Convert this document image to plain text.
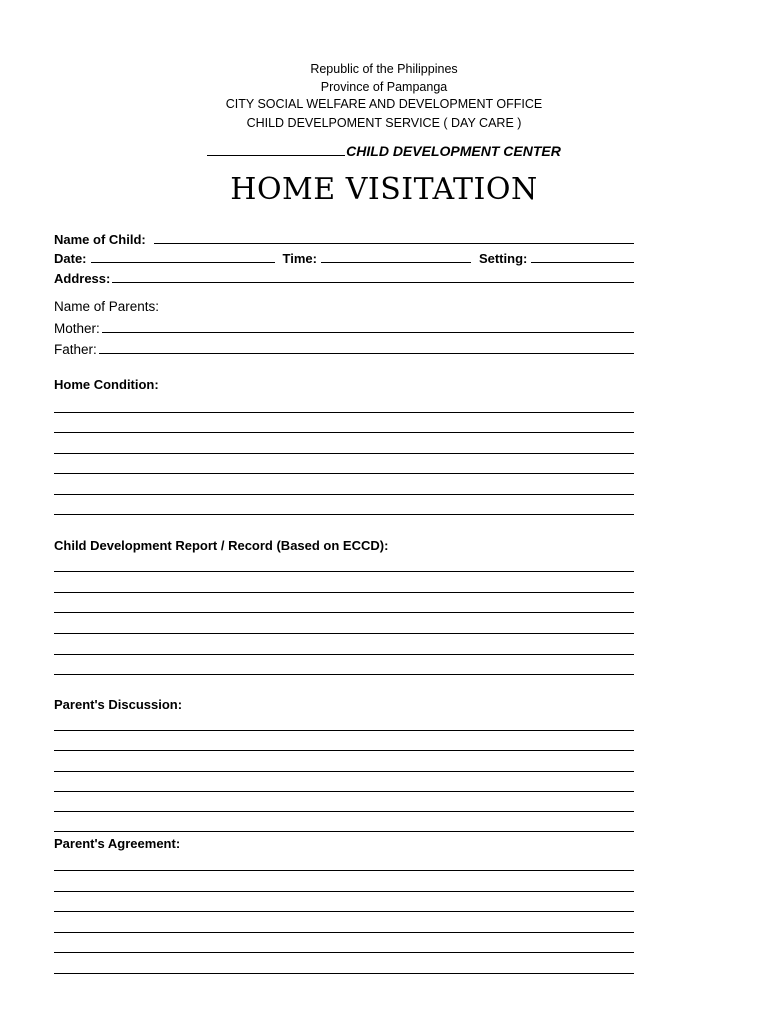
Republic of the Philippines
Province of Pampanga
CITY SOCIAL WELFARE AND DEVELOPMENT OFFICE
CHILD DEVELPOMENT SERVICE ( DAY CARE )
CHILD DEVELOPMENT CENTER
HOME VISITATION
Name of Child:
Date:	Time:	Setting:
Address:
Name of Parents:
Mother:
Father:
Home Condition:
Child Development Report / Record (Based on ECCD):
Parent's Discussion:
Parent's Agreement:
